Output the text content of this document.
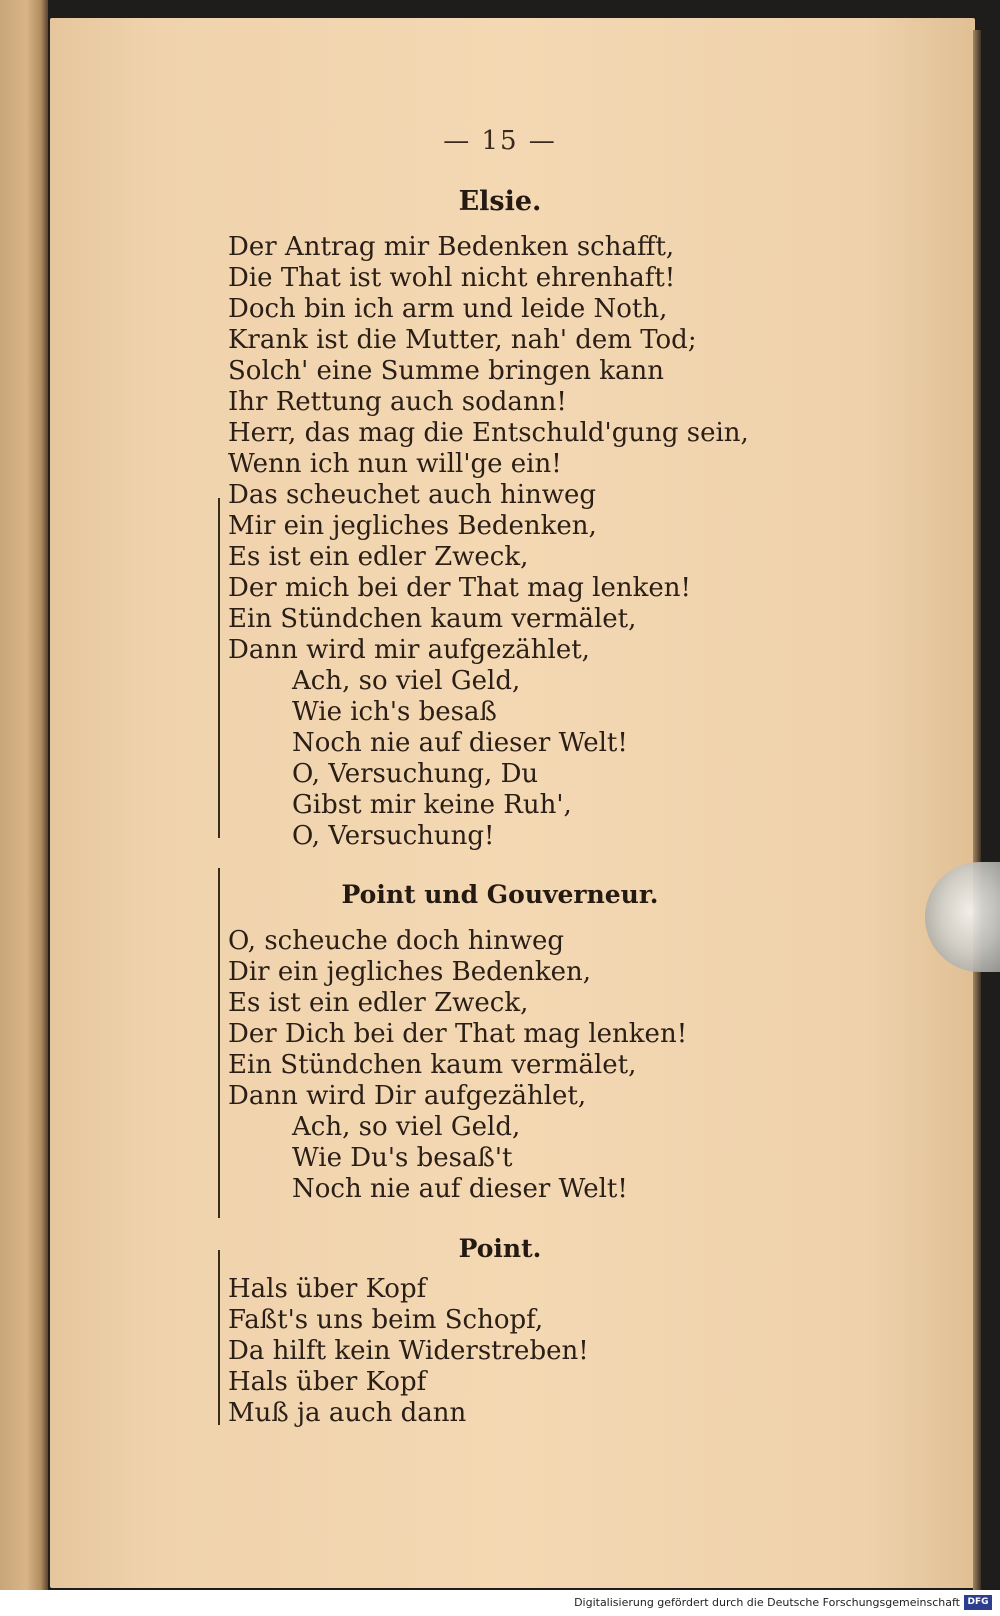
— 15 —
Elsie.
Der Antrag mir Bedenken schafft,
Die That ist wohl nicht ehrenhaft!
Doch bin ich arm und leide Noth,
Krank ist die Mutter, nah' dem Tod;
Solch' eine Summe bringen kann
Ihr Rettung auch sodann!
Herr, das mag die Entschuld'gung sein,
Wenn ich nun will'ge ein!
Das scheuchet auch hinweg
Mir ein jegliches Bedenken,
Es ist ein edler Zweck,
Der mich bei der That mag lenken!
Ein Stündchen kaum vermälet,
Dann wird mir aufgezählet,
Ach, so viel Geld,
Wie ich's besaß
Noch nie auf dieser Welt!
O, Versuchung, Du
Gibst mir keine Ruh',
O, Versuchung!
Point und Gouverneur.
O, scheuche doch hinweg
Dir ein jegliches Bedenken,
Es ist ein edler Zweck,
Der Dich bei der That mag lenken!
Ein Stündchen kaum vermälet,
Dann wird Dir aufgezählet,
Ach, so viel Geld,
Wie Du's besaß't
Noch nie auf dieser Welt!
Point.
Hals über Kopf
Faßt's uns beim Schopf,
Da hilft kein Widerstreben!
Hals über Kopf
Muß ja auch dann
Digitalisierung gefördert durch die Deutsche Forschungsgemeinschaft DFG
